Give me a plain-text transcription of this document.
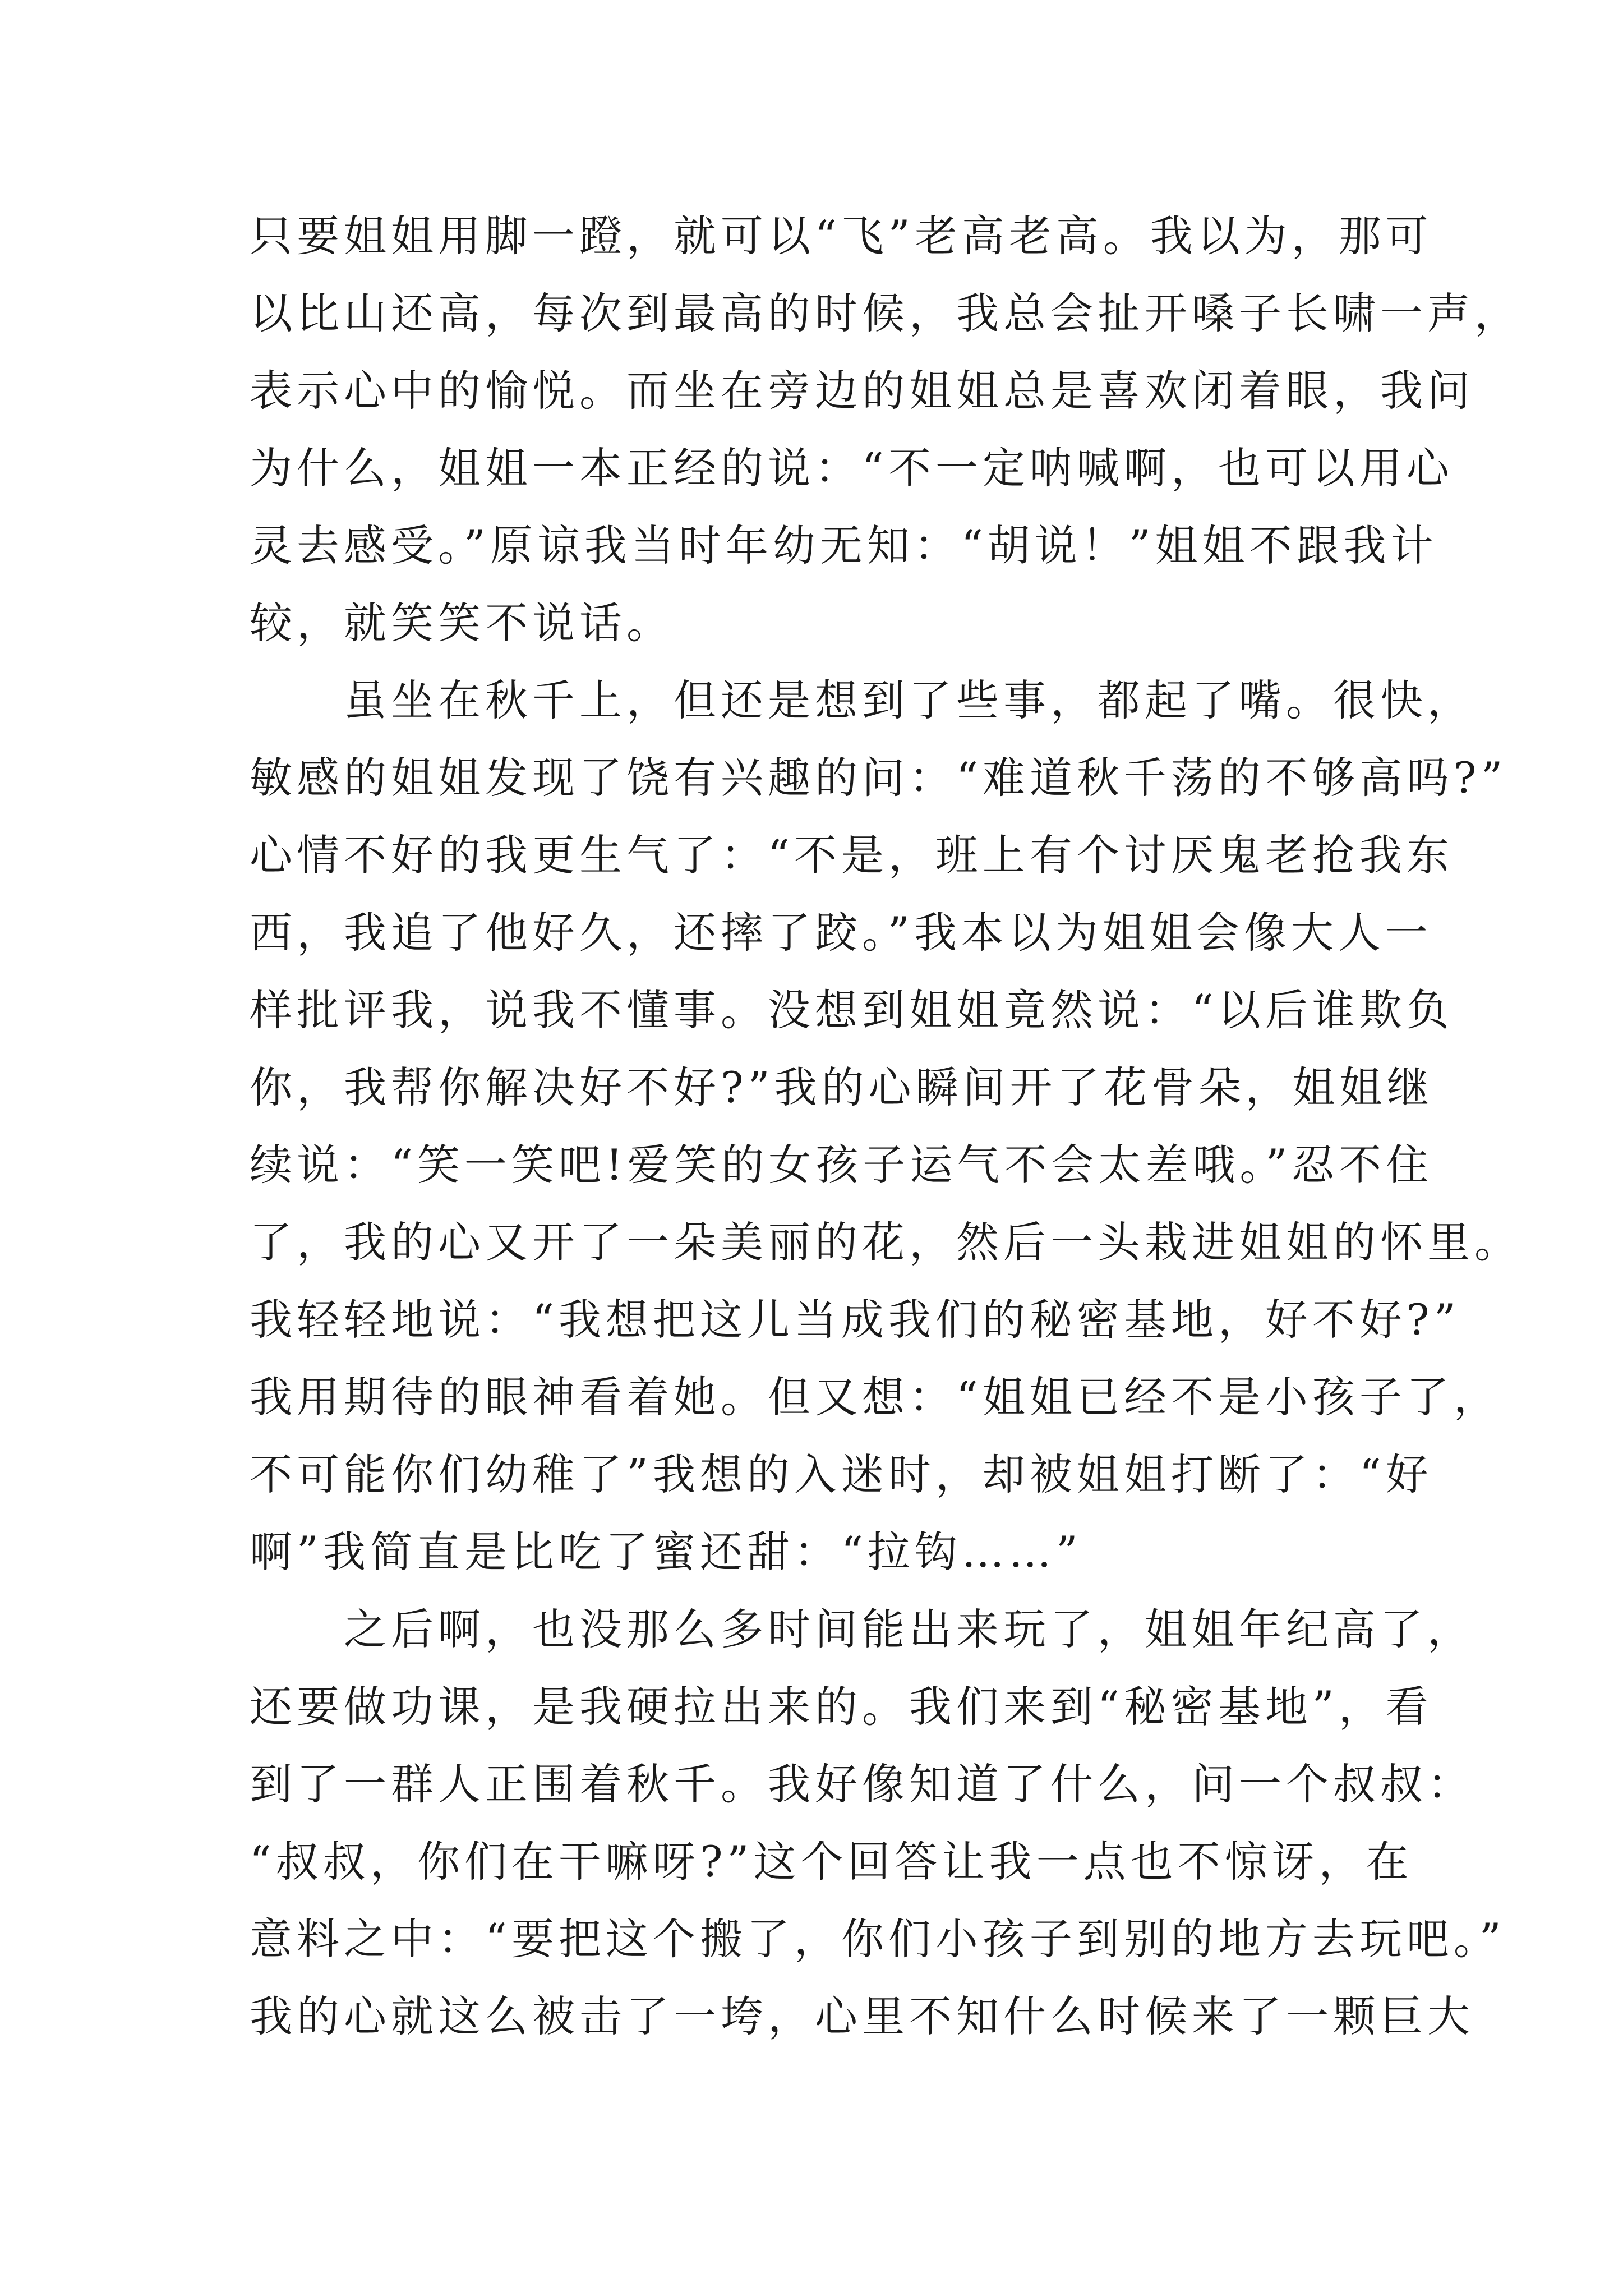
只要姐姐用脚一蹬，就可以“飞”老高老高。我以为，那可
以比山还高，每次到最高的时候，我总会扯开嗓子长啸一声，
表示心中的愉悦。而坐在旁边的姐姐总是喜欢闭着眼，我问
为什么，姐姐一本正经的说：“不一定呐喊啊，也可以用心
灵去感受。”原谅我当时年幼无知：“胡说！”姐姐不跟我计
较，就笑笑不说话。
　　虽坐在秋千上，但还是想到了些事，都起了嘴。很快，
敏感的姐姐发现了饶有兴趣的问：“难道秋千荡的不够高吗?”
心情不好的我更生气了：“不是，班上有个讨厌鬼老抢我东
西，我追了他好久，还摔了跤。”我本以为姐姐会像大人一
样批评我，说我不懂事。没想到姐姐竟然说：“以后谁欺负
你，我帮你解决好不好?”我的心瞬间开了花骨朵，姐姐继
续说：“笑一笑吧!爱笑的女孩子运气不会太差哦。”忍不住
了，我的心又开了一朵美丽的花，然后一头栽进姐姐的怀里。
我轻轻地说：“我想把这儿当成我们的秘密基地，好不好?”
我用期待的眼神看着她。但又想：“姐姐已经不是小孩子了，
不可能你们幼稚了”我想的入迷时，却被姐姐打断了：“好
啊”我简直是比吃了蜜还甜：“拉钩……”
　　之后啊，也没那么多时间能出来玩了，姐姐年纪高了，
还要做功课，是我硬拉出来的。我们来到“秘密基地”，看
到了一群人正围着秋千。我好像知道了什么，问一个叔叔：
“叔叔，你们在干嘛呀?”这个回答让我一点也不惊讶，在
意料之中：“要把这个搬了，你们小孩子到别的地方去玩吧。”
我的心就这么被击了一垮，心里不知什么时候来了一颗巨大
